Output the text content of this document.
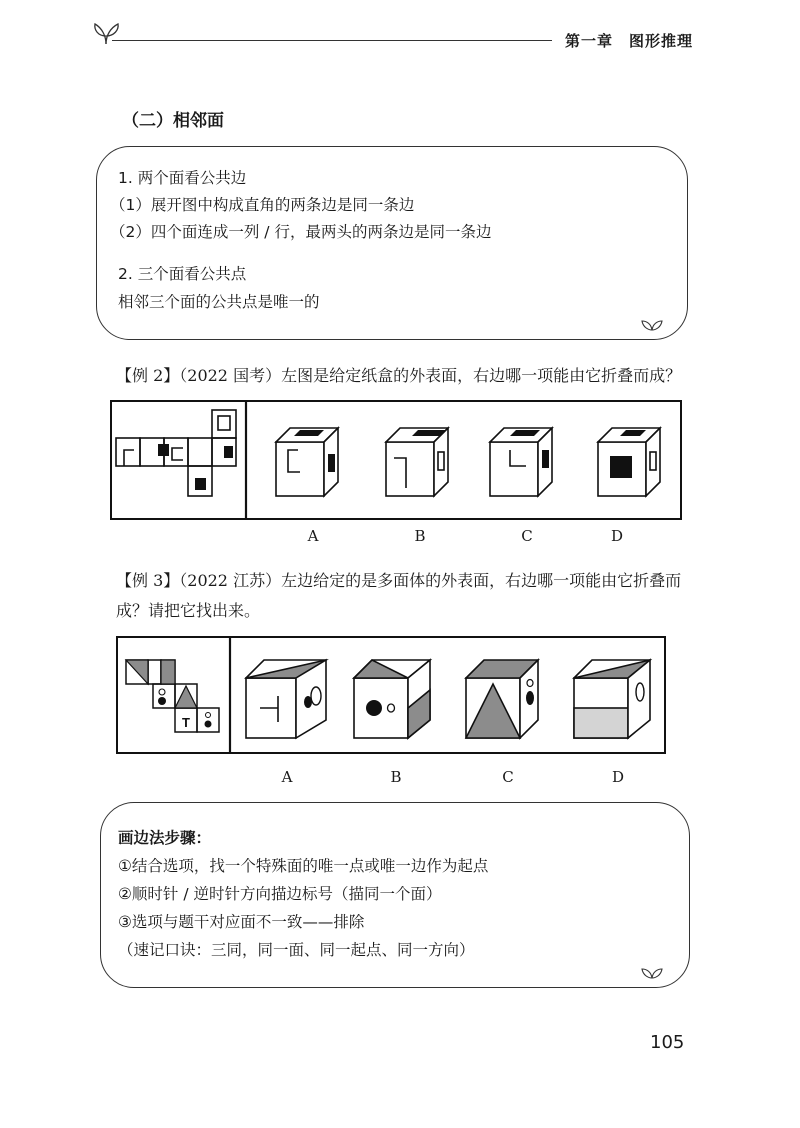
第一章　图形推理
（二）相邻面
1. 两个面看公共边
（1）展开图中构成直角的两条边是同一条边
（2）四个面连成一列 / 行，最两头的两条边是同一条边
2. 三个面看公共点
相邻三个面的公共点是唯一的
【例 2】（2022 国考）左图是给定纸盒的外表面，右边哪一项能由它折叠而成？
A	B	C	D
【例 3】（2022 江苏）左边给定的是多面体的外表面，右边哪一项能由它折叠而
成？请把它找出来。
T
A	B	C	D
画边法步骤：
①结合选项，找一个特殊面的唯一点或唯一边作为起点
②顺时针 / 逆时针方向描边标号（描同一个面）
③选项与题干对应面不一致——排除
（速记口诀：三同，同一面、同一起点、同一方向）
105
